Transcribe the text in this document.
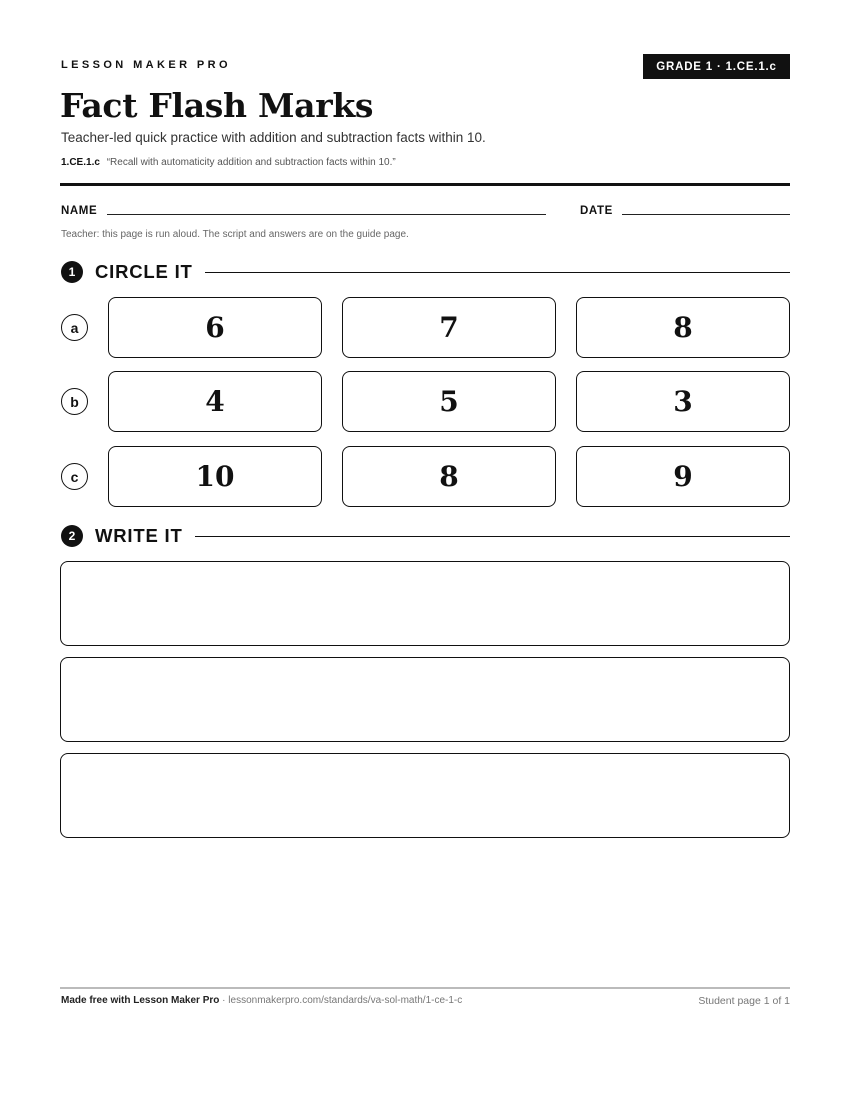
LESSON MAKER PRO	GRADE 1 · 1.CE.1.c
Fact Flash Marks
Teacher-led quick practice with addition and subtraction facts within 10.
1.CE.1.c “Recall with automaticity addition and subtraction facts within 10.”
NAME	DATE
Teacher: this page is run aloud. The script and answers are on the guide page.
1	CIRCLE IT
a	6	7	8
b	4	5	3
c	10	8	9
2	WRITE IT
Made free with Lesson Maker Pro · lessonmakerpro.com/standards/va-sol-math/1-ce-1-c	Student page 1 of 1
